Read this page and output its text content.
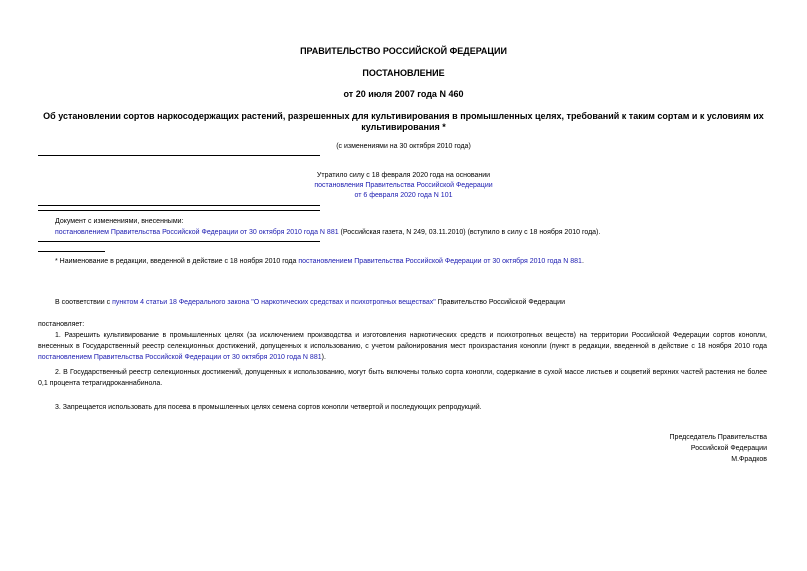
ПРАВИТЕЛЬСТВО РОССИЙСКОЙ ФЕДЕРАЦИИ
ПОСТАНОВЛЕНИЕ
от 20 июля 2007 года N 460
Об установлении сортов наркосодержащих растений, разрешенных для культивирования в промышленных целях, требований к таким сортам и к условиям их культивирования *
(с изменениями на 30 октября 2010 года)
Утратило силу с 18 февраля 2020 года на основании
постановления Правительства Российской Федерации
от 6 февраля 2020 года N 101
Документ с изменениями, внесенными:
постановлением Правительства Российской Федерации от 30 октября 2010 года N 881 (Российская газета, N 249, 03.11.2010) (вступило в силу с 18 ноября 2010 года).
* Наименование в редакции, введенной в действие с 18 ноября 2010 года постановлением Правительства Российской Федерации от 30 октября 2010 года N 881.
В соответствии с пунктом 4 статьи 18 Федерального закона "О наркотических средствах и психотропных веществах" Правительство Российской Федерации
постановляет:
1. Разрешить культивирование в промышленных целях (за исключением производства и изготовления наркотических средств и психотропных веществ) на территории Российской Федерации сортов конопли, внесенных в Государственный реестр селекционных достижений, допущенных к использованию, с учетом районирования мест произрастания конопли (пункт в редакции, введенной в действие с 18 ноября 2010 года постановлением Правительства Российской Федерации от 30 октября 2010 года N 881).
2. В Государственный реестр селекционных достижений, допущенных к использованию, могут быть включены только сорта конопли, содержание в сухой массе листьев и соцветий верхних частей растения не более 0,1 процента тетрагидроканнабинола.
3. Запрещается использовать для посева в промышленных целях семена сортов конопли четвертой и последующих репродукций.
Председатель Правительства
Российской Федерации
М.Фрадков
